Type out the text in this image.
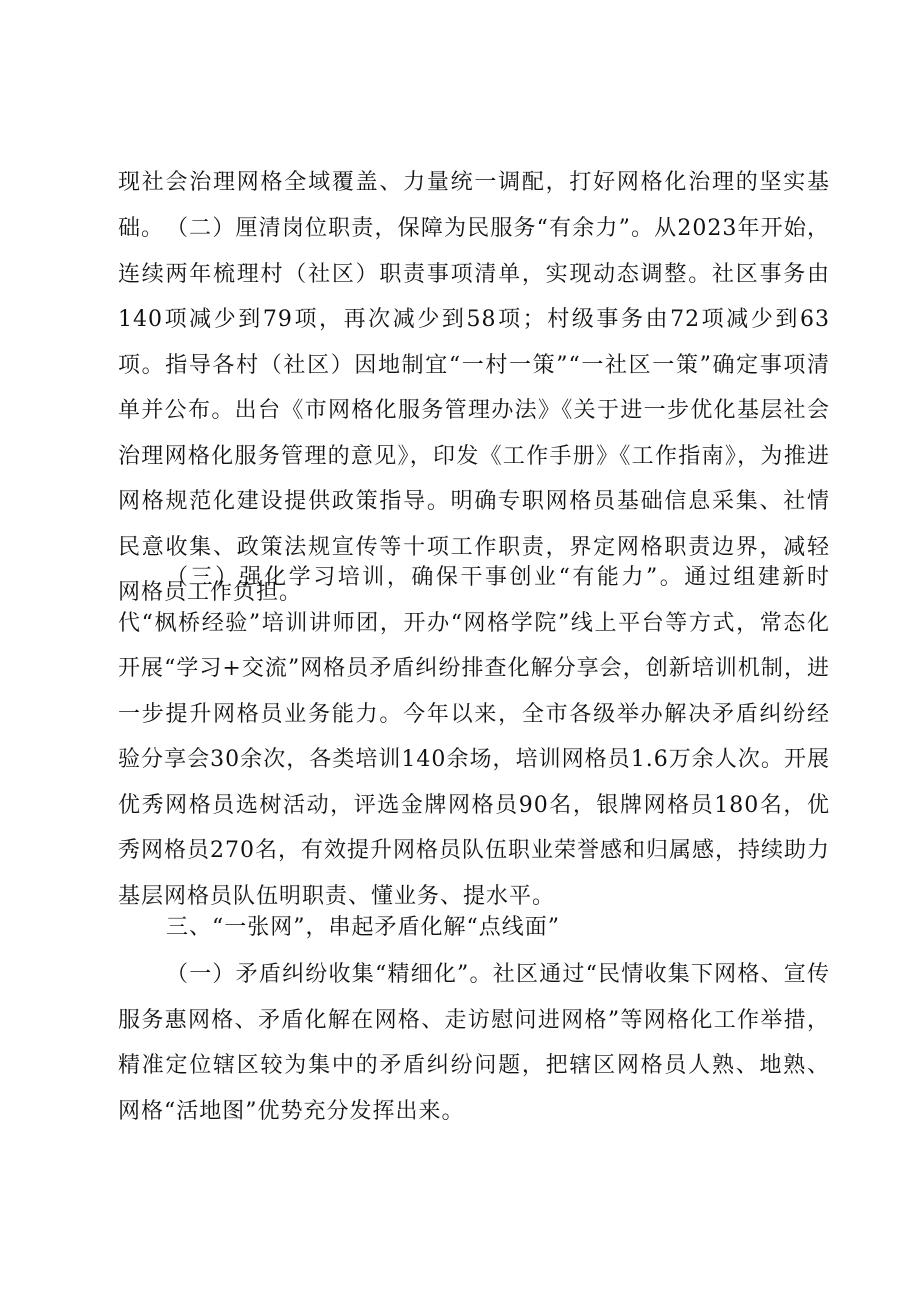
现社会治理网格全域覆盖、力量统一调配，打好网格化治理的坚实基础。 （二）厘清岗位职责，保障为民服务“有余力”。从2023年开始，连续两年梳理村（社区）职责事项清单，实现动态调整。社区事务由140项减少到79项，再次减少到58项；村级事务由72项减少到63项。指导各村（社区）因地制宜“一村一策”“一社区一策”确定事项清单并公布。出台《市网格化服务管理办法》《关于进一步优化基层社会治理网格化服务管理的意见》，印发《工作手册》《工作指南》，为推进网格规范化建设提供政策指导。明确专职网格员基础信息采集、社情民意收集、政策法规宣传等十项工作职责，界定网格职责边界，减轻网格员工作负担。

（三）强化学习培训，确保干事创业“有能力”。通过组建新时代“枫桥经验”培训讲师团，开办“网格学院”线上平台等方式，常态化开展“学习+交流”网格员矛盾纠纷排查化解分享会，创新培训机制，进一步提升网格员业务能力。今年以来，全市各级举办解决矛盾纠纷经验分享会30余次，各类培训140余场，培训网格员1.6万余人次。开展优秀网格员选树活动，评选金牌网格员90名，银牌网格员180名，优秀网格员270名，有效提升网格员队伍职业荣誉感和归属感，持续助力基层网格员队伍明职责、懂业务、提水平。

三、“一张网”，串起矛盾化解“点线面”

（一）矛盾纠纷收集“精细化”。社区通过“民情收集下网格、宣传服务惠网格、矛盾化解在网格、走访慰问进网格”等网格化工作举措，精准定位辖区较为集中的矛盾纠纷问题，把辖区网格员人熟、地熟、网格“活地图”优势充分发挥出来。
